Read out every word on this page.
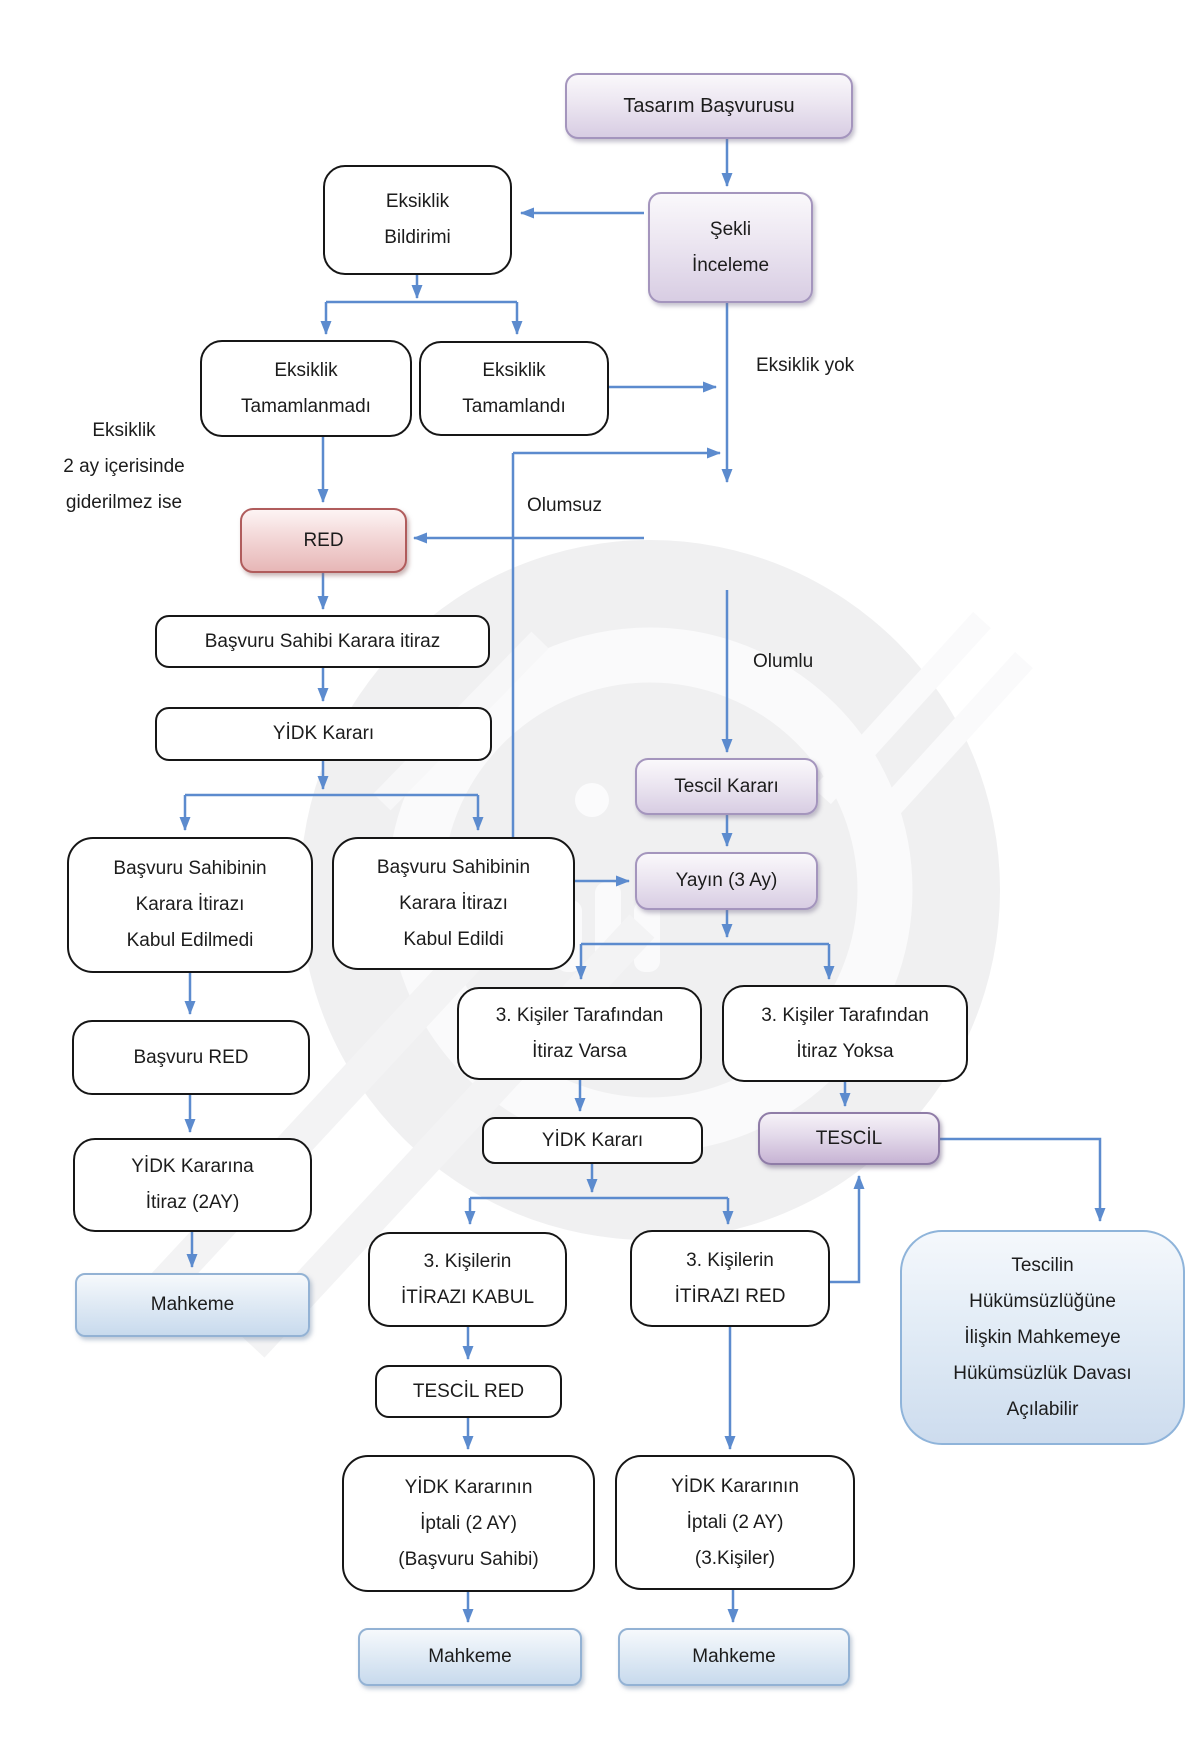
Tasarım Başvurusu
Şekli
İnceleme
Eksiklik
Bildirimi
Eksiklik
Tamamlanmadı
Eksiklik
Tamamlandı
RED
Başvuru Sahibi Karara itiraz
YİDK Kararı
Başvuru Sahibinin
Karara İtirazı
Kabul Edilmedi
Başvuru Sahibinin
Karara İtirazı
Kabul Edildi
Tescil Kararı
Yayın (3 Ay)
Başvuru RED
YİDK Kararına
İtiraz (2AY)
Mahkeme
3. Kişiler Tarafından
İtiraz Varsa
3. Kişiler Tarafından
İtiraz Yoksa
YİDK Kararı	TESCİL
3. Kişilerin
İTİRAZI KABUL
3. Kişilerin
İTİRAZI RED
TESCİL RED
YİDK Kararının
İptali (2 AY)
(Başvuru Sahibi)
YİDK Kararının
İptali (2 AY)
(3.Kişiler)
Mahkeme	Mahkeme
Tescilin
Hükümsüzlüğüne
İlişkin Mahkemeye
Hükümsüzlük Davası
Açılabilir
Eksiklik yok
Olumsuz
Olumlu
Eksiklik
2 ay içerisinde
giderilmez ise
